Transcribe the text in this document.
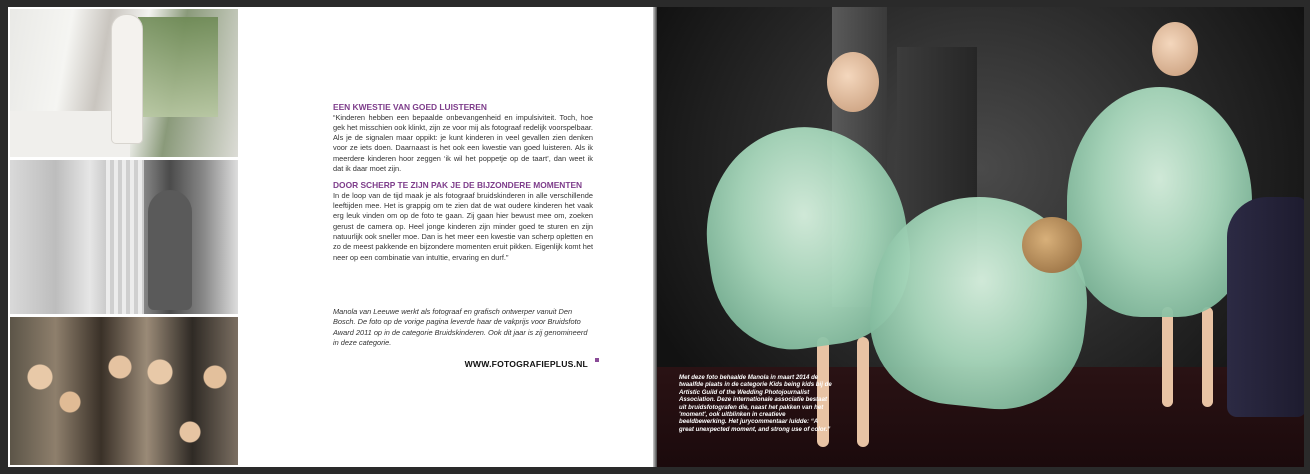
EEN KWESTIE VAN GOED LUISTEREN

“Kinderen hebben een bepaalde onbevangenheid en impulsiviteit. Toch, hoe gek het misschien ook klinkt, zijn ze voor mij als fotograaf redelijk voorspelbaar. Als je de signalen maar oppikt: je kunt kinderen in veel gevallen zien denken voor ze iets doen. Daarnaast is het ook een kwestie van goed luisteren. Als ik meerdere kinderen hoor zeggen ‘ik wil het poppetje op de taart’, dan weet ik dat ik daar moet zijn.

DOOR SCHERP TE ZIJN PAK JE DE BIJZONDERE MOMENTEN

In de loop van de tijd maak je als fotograaf bruidskinderen in alle verschillende leeftijden mee. Het is grappig om te zien dat de wat oudere kinderen het vaak erg leuk vinden om op de foto te gaan. Zij gaan hier bewust mee om, zoeken gerust de camera op. Heel jonge kinderen zijn minder goed te sturen en zijn natuurlijk ook sneller moe. Dan is het meer een kwestie van scherp opletten en zo de meest pakkende en bijzondere momenten eruit pikken. Eigenlijk komt het neer op een combinatie van intuïtie, ervaring en durf.”

Manola van Leeuwe werkt als fotograaf en grafisch ontwerper vanuit Den Bosch. De foto op de vorige pagina leverde haar de vakprijs voor Bruidsfoto Award 2011 op in de categorie Bruidskinderen. Ook dit jaar is zij genomineerd in deze categorie.

WWW.FOTOGRAFIEPLUS.NL

Met deze foto behaalde Manola in maart 2014 de twaalfde plaats in de categorie Kids being kids bij de Artistic Guild of the Wedding Photojournalist Association. Deze internationale associatie bestaat uit bruidsfotografen die, naast het pakken van het 'moment', ook uitblinken in creatieve beeldbewerking. Het jurycommentaar luidde: “A great unexpected moment, and strong use of color.”
